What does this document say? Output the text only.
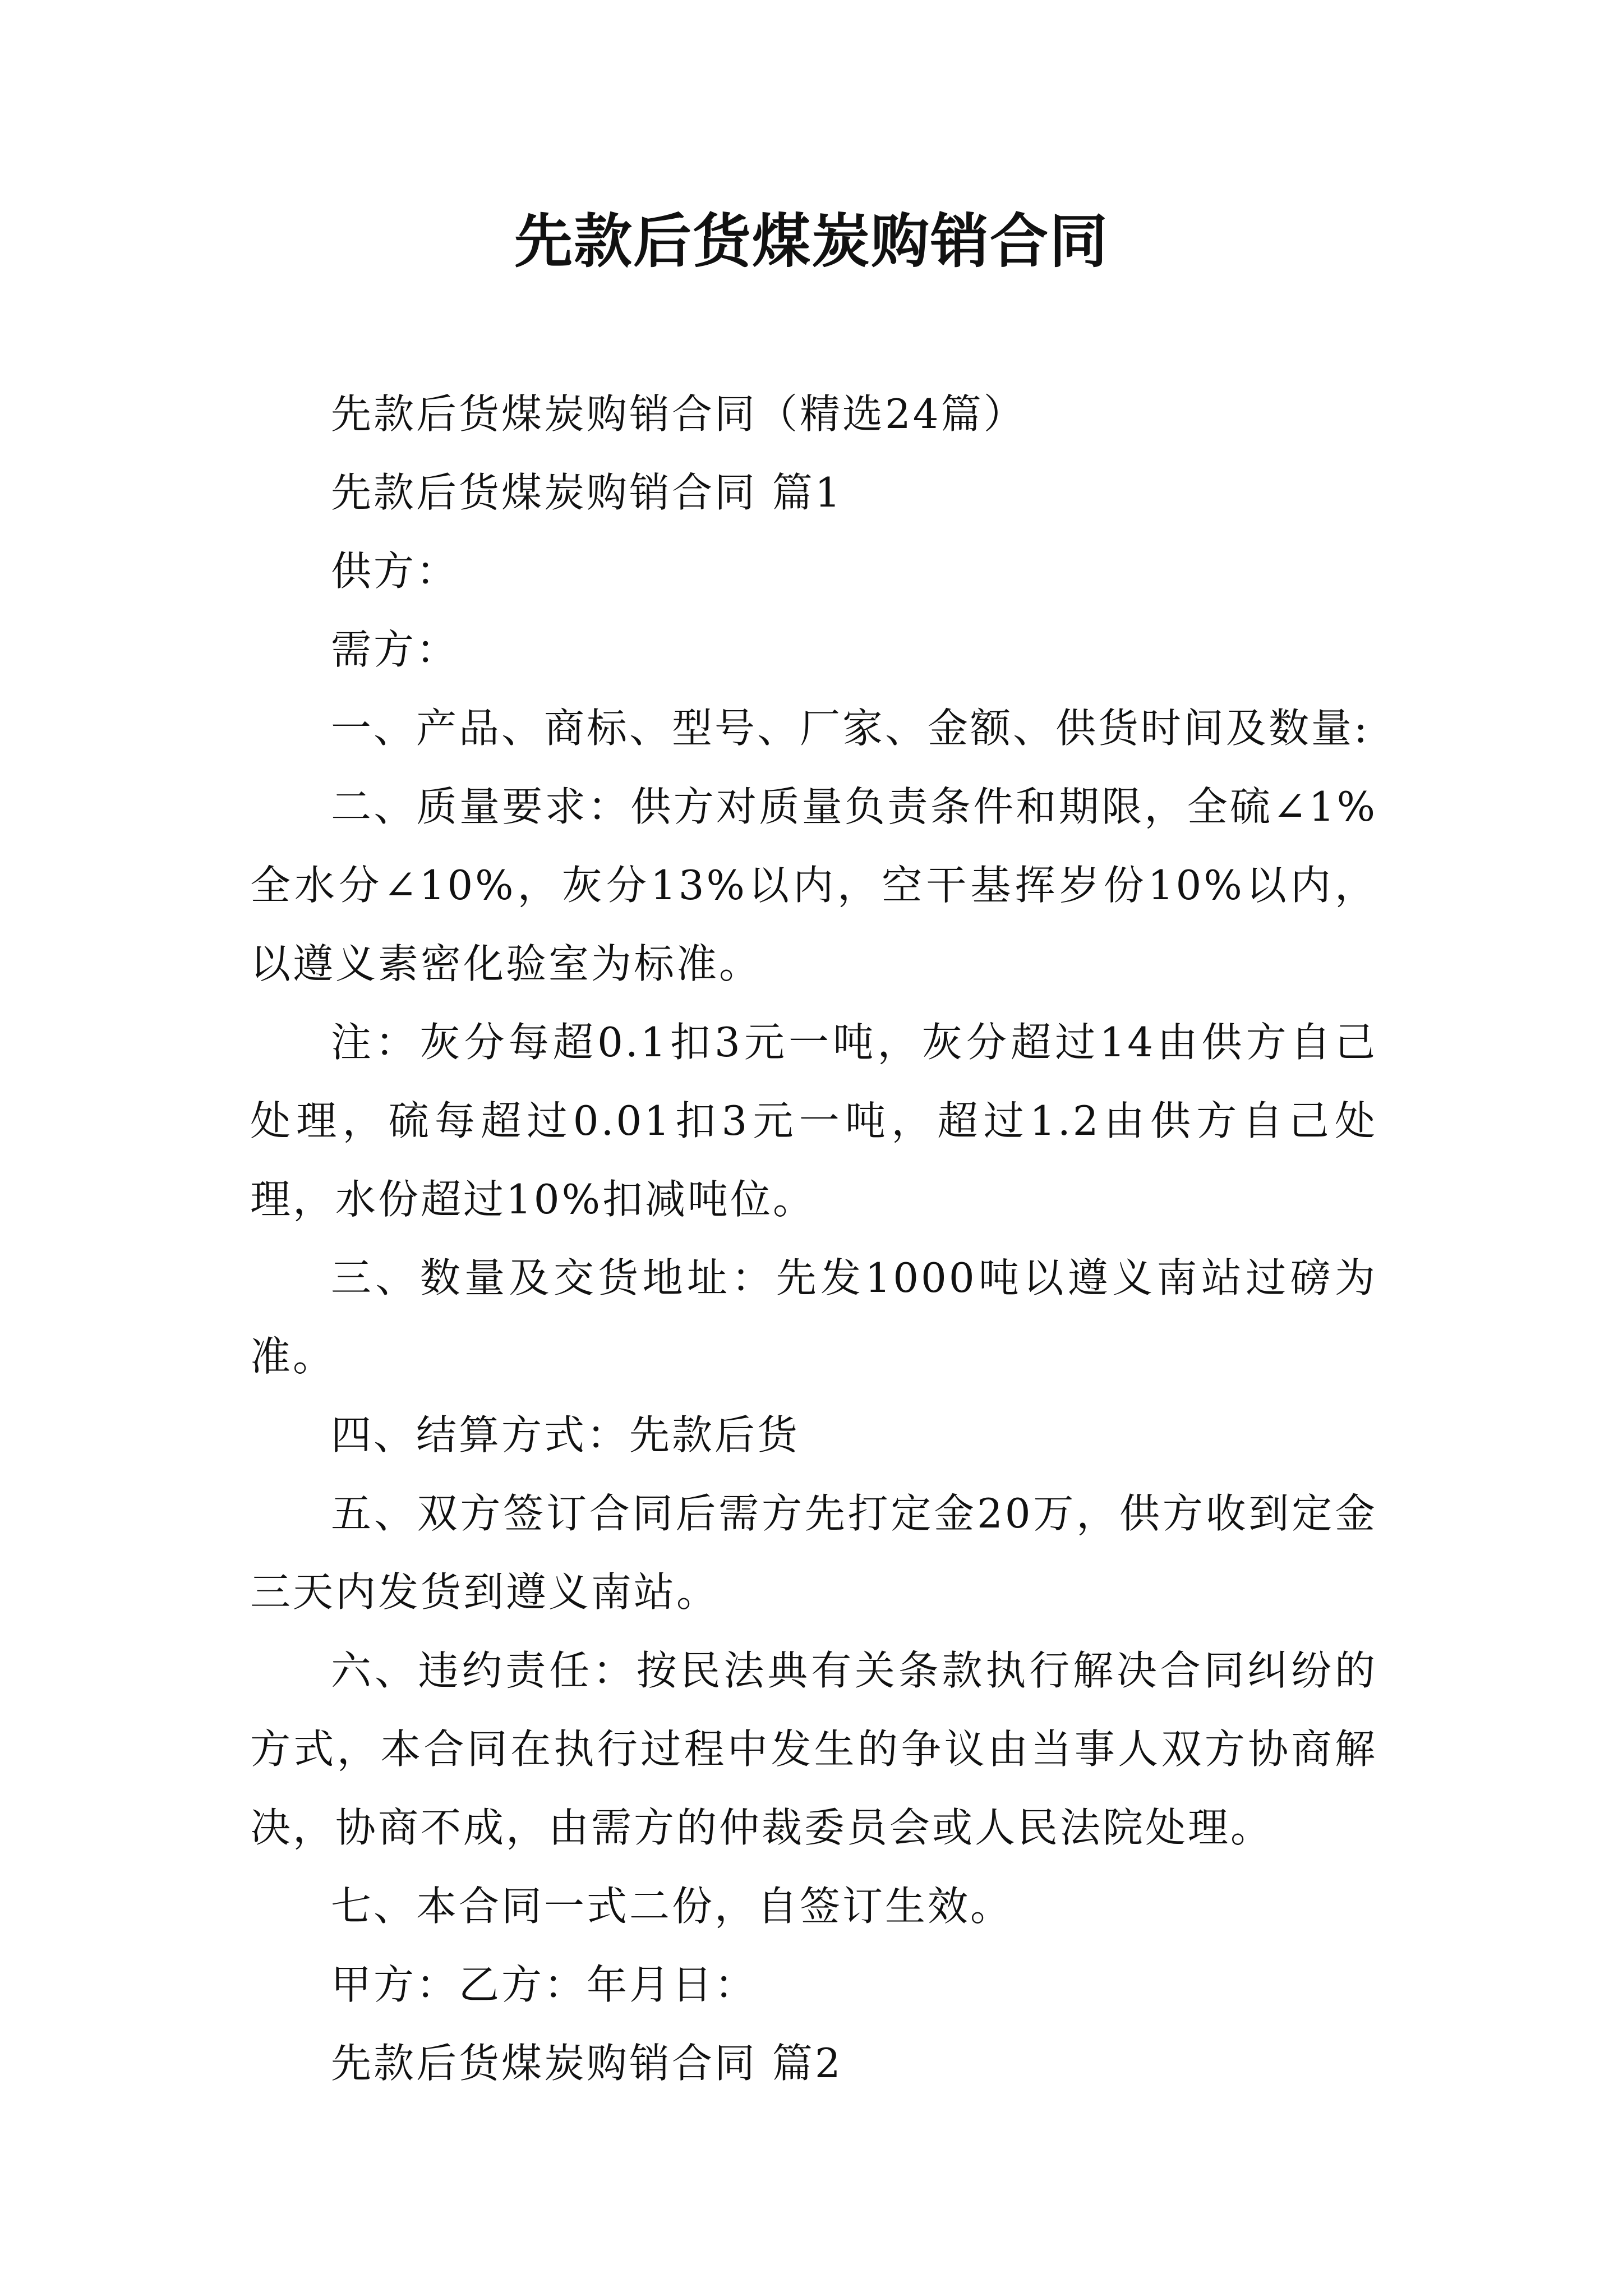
先款后货煤炭购销合同

先款后货煤炭购销合同（精选24篇）

先款后货煤炭购销合同 篇1

供方：

需方：

一、产品、商标、型号、厂家、金额、供货时间及数量:

二、质量要求：供方对质量负责条件和期限，全硫∠1%全水分∠10%，灰分13%以内，空干基挥岁份10%以内，以遵义素密化验室为标准。

注：灰分每超0.1扣3元一吨，灰分超过14由供方自己处理，硫每超过0.01扣3元一吨，超过1.2由供方自己处理，水份超过10%扣减吨位。

三、数量及交货地址：先发1000吨以遵义南站过磅为准。

四、结算方式：先款后货

五、双方签订合同后需方先打定金20万，供方收到定金三天内发货到遵义南站。

六、违约责任：按民法典有关条款执行解决合同纠纷的方式，本合同在执行过程中发生的争议由当事人双方协商解决，协商不成，由需方的仲裁委员会或人民法院处理。

七、本合同一式二份，自签订生效。

甲方：乙方：年月日：

先款后货煤炭购销合同 篇2
